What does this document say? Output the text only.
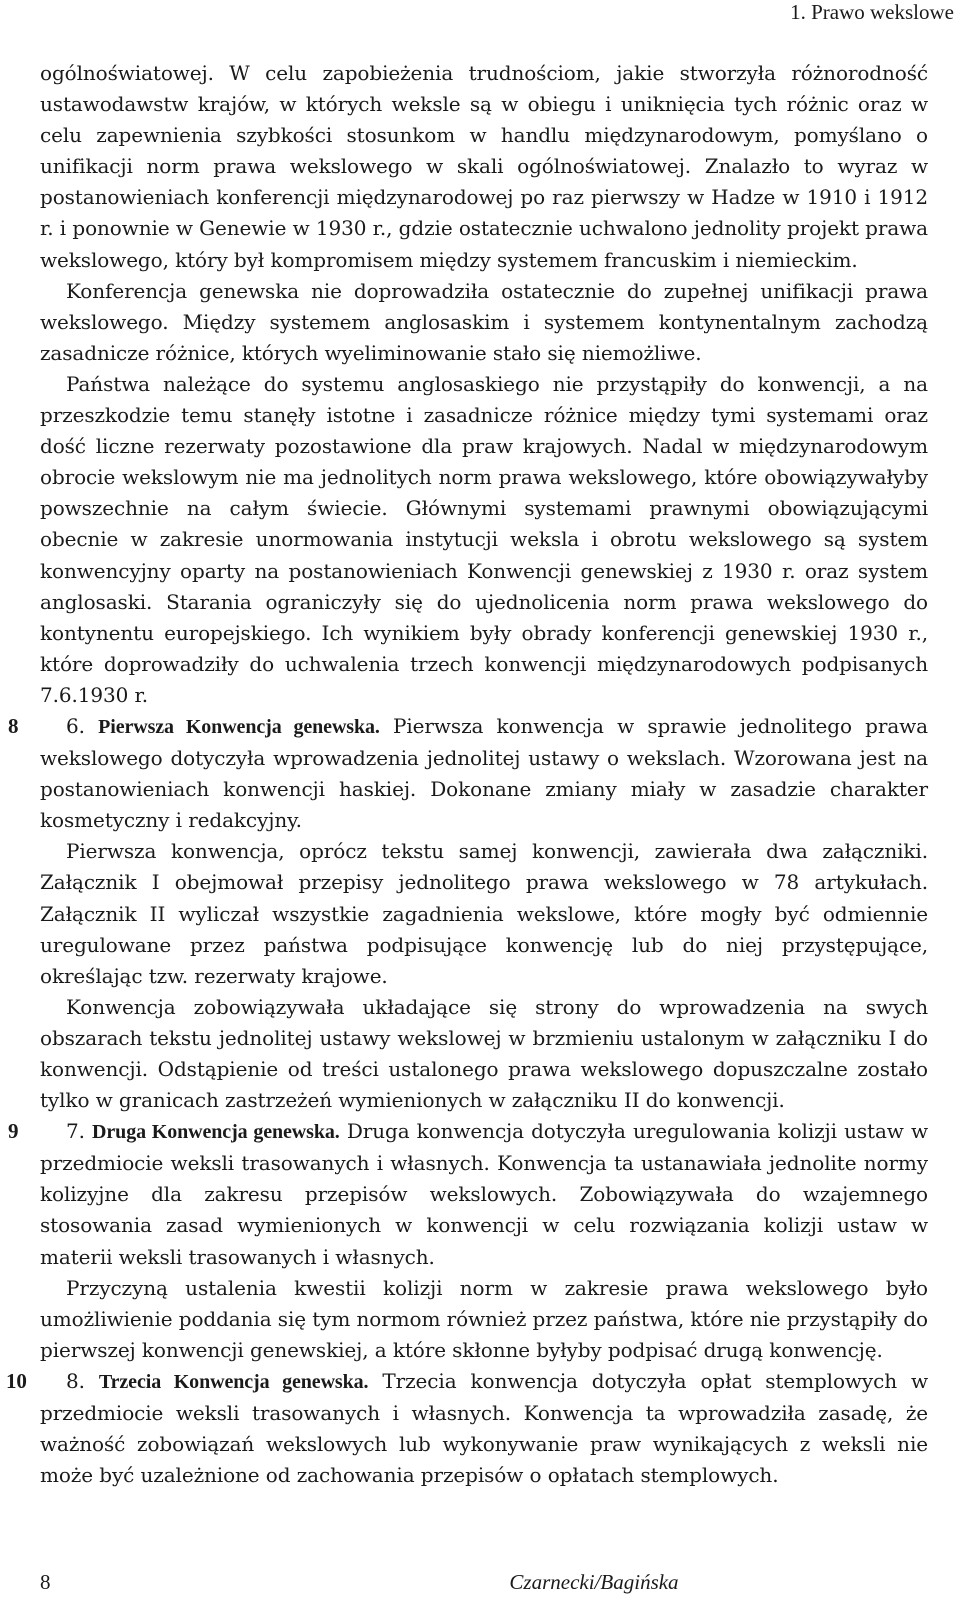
1. Prawo wekslowe

ogólnoświatowej. W celu zapobieżenia trudnościom, jakie stworzyła różnorodność ustawodawstw krajów, w których weksle są w obiegu i uniknięcia tych różnic oraz w celu zapewnienia szybkości stosunkom w handlu międzynarodowym, pomyślano o unifikacji norm prawa wekslowego w skali ogólnoświatowej. Znalazło to wyraz w postanowieniach konferencji międzynarodowej po raz pierwszy w Hadze w 1910 i 1912 r. i ponownie w Genewie w 1930 r., gdzie ostatecznie uchwalono jednolity projekt prawa wekslowego, który był kompromisem między systemem francuskim i niemieckim.

Konferencja genewska nie doprowadziła ostatecznie do zupełnej unifikacji prawa wekslowego. Między systemem anglosaskim i systemem kontynentalnym zachodzą zasadnicze różnice, których wyeliminowanie stało się niemożliwe.

Państwa należące do systemu anglosaskiego nie przystąpiły do konwencji, a na przeszkodzie temu stanęły istotne i zasadnicze różnice między tymi systemami oraz dość liczne rezerwaty pozostawione dla praw krajowych. Nadal w międzynarodowym obrocie wekslowym nie ma jednolitych norm prawa wekslowego, które obowiązywałyby powszechnie na całym świecie. Głównymi systemami prawnymi obowiązującymi obecnie w zakresie unormowania instytucji weksla i obrotu wekslowego są system konwencyjny oparty na postanowieniach Konwencji genewskiej z 1930 r. oraz system anglosaski. Starania ograniczyły się do ujednolicenia norm prawa wekslowego do kontynentu europejskiego. Ich wynikiem były obrady konferencji genewskiej 1930 r., które doprowadziły do uchwalenia trzech konwencji międzynarodowych podpisanych 7.6.1930 r.

8 6. Pierwsza Konwencja genewska. Pierwsza konwencja w sprawie jednolitego prawa wekslowego dotyczyła wprowadzenia jednolitej ustawy o wekslach. Wzorowana jest na postanowieniach konwencji haskiej. Dokonane zmiany miały w zasadzie charakter kosmetyczny i redakcyjny.

Pierwsza konwencja, oprócz tekstu samej konwencji, zawierała dwa załączniki. Załącznik I obejmował przepisy jednolitego prawa wekslowego w 78 artykułach. Załącznik II wyliczał wszystkie zagadnienia wekslowe, które mogły być odmiennie uregulowane przez państwa podpisujące konwencję lub do niej przystępujące, określając tzw. rezerwaty krajowe.

Konwencja zobowiązywała układające się strony do wprowadzenia na swych obszarach tekstu jednolitej ustawy wekslowej w brzmieniu ustalonym w załączniku I do konwencji. Odstąpienie od treści ustalonego prawa wekslowego dopuszczalne zostało tylko w granicach zastrzeżeń wymienionych w załączniku II do konwencji.

9 7. Druga Konwencja genewska. Druga konwencja dotyczyła uregulowania kolizji ustaw w przedmiocie weksli trasowanych i własnych. Konwencja ta ustanawiała jednolite normy kolizyjne dla zakresu przepisów wekslowych. Zobowiązywała do wzajemnego stosowania zasad wymienionych w konwencji w celu rozwiązania kolizji ustaw w materii weksli trasowanych i własnych.

Przyczyną ustalenia kwestii kolizji norm w zakresie prawa wekslowego było umożliwienie poddania się tym normom również przez państwa, które nie przystąpiły do pierwszej konwencji genewskiej, a które skłonne byłyby podpisać drugą konwencję.

10 8. Trzecia Konwencja genewska. Trzecia konwencja dotyczyła opłat stemplowych w przedmiocie weksli trasowanych i własnych. Konwencja ta wprowadziła zasadę, że ważność zobowiązań wekslowych lub wykonywanie praw wynikających z weksli nie może być uzależnione od zachowania przepisów o opłatach stemplowych.

8	Czarnecki/Bagińska
